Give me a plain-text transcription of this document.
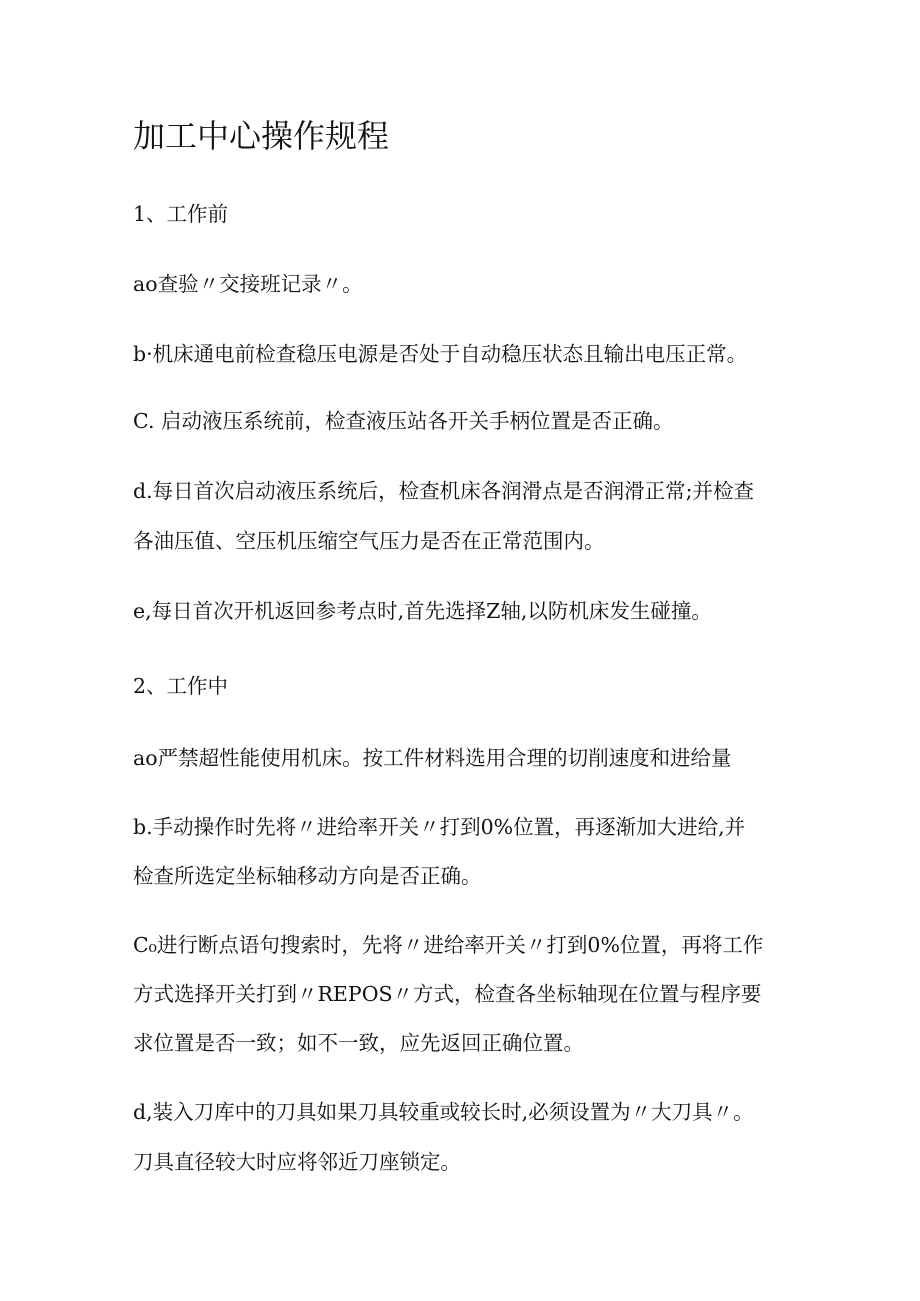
加工中心操作规程

1、工作前

ao查验〃交接班记录〃。

b·机床通电前检查稳压电源是否处于自动稳压状态且输出电压正常。

C. 启动液压系统前，检查液压站各开关手柄位置是否正确。

d.每日首次启动液压系统后，检查机床各润滑点是否润滑正常;并检查

各油压值、空压机压缩空气压力是否在正常范围内。

e,每日首次开机返回参考点时,首先选择Z轴,以防机床发生碰撞。

2、工作中

ao严禁超性能使用机床。按工件材料选用合理的切削速度和进给量

b.手动操作时先将〃进给率开关〃打到0%位置，再逐渐加大进给,并

检查所选定坐标轴移动方向是否正确。

C₀进行断点语句搜索时，先将〃进给率开关〃打到0%位置，再将工作

方式选择开关打到〃REPOS〃方式，检查各坐标轴现在位置与程序要

求位置是否一致；如不一致，应先返回正确位置。

d,装入刀库中的刀具如果刀具较重或较长时,必须设置为〃大刀具〃。

刀具直径较大时应将邻近刀座锁定。
